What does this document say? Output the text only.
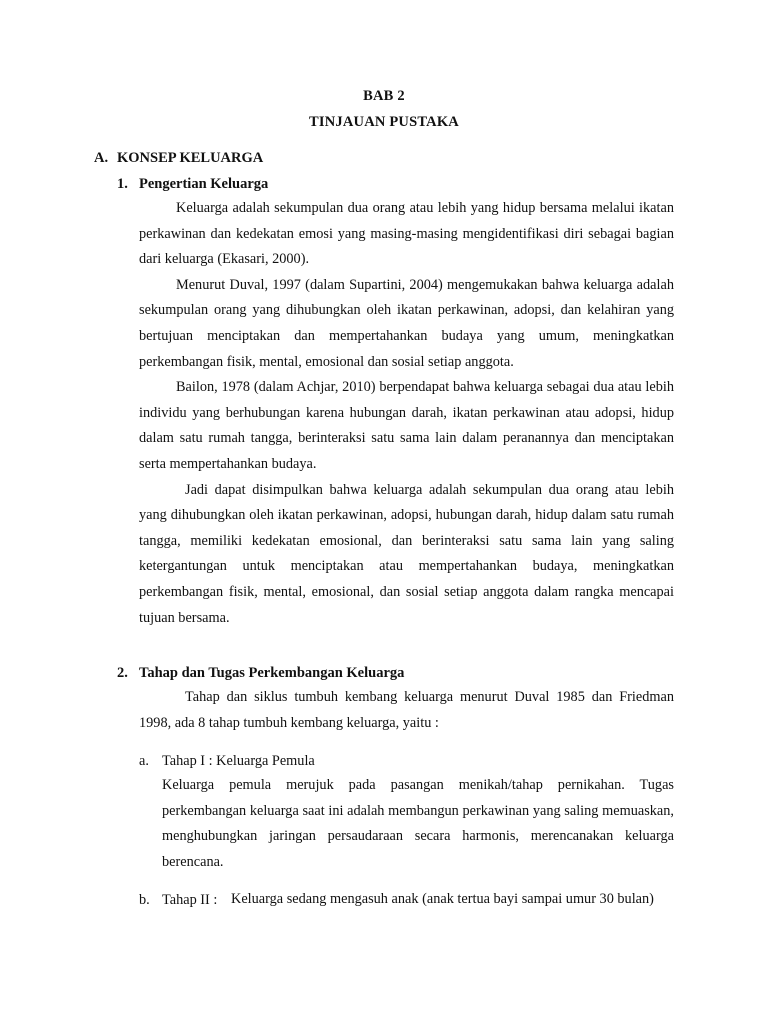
BAB 2
TINJAUAN PUSTAKA
A. KONSEP KELUARGA
1. Pengertian Keluarga

Keluarga adalah sekumpulan dua orang atau lebih yang hidup bersama melalui ikatan perkawinan dan kedekatan emosi yang masing-masing mengidentifikasi diri sebagai bagian dari keluarga (Ekasari, 2000).

Menurut Duval, 1997 (dalam Supartini, 2004) mengemukakan bahwa keluarga adalah sekumpulan orang yang dihubungkan oleh ikatan perkawinan, adopsi, dan kelahiran yang bertujuan menciptakan dan mempertahankan budaya yang umum, meningkatkan perkembangan fisik, mental, emosional dan sosial setiap anggota.

Bailon, 1978 (dalam Achjar, 2010) berpendapat bahwa keluarga sebagai dua atau lebih individu yang berhubungan karena hubungan darah, ikatan perkawinan atau adopsi, hidup dalam satu rumah tangga, berinteraksi satu sama lain dalam peranannya dan menciptakan serta mempertahankan budaya.

Jadi dapat disimpulkan bahwa keluarga adalah sekumpulan dua orang atau lebih yang dihubungkan oleh ikatan perkawinan, adopsi, hubungan darah, hidup dalam satu rumah tangga, memiliki kedekatan emosional, dan berinteraksi satu sama lain yang saling ketergantungan untuk menciptakan atau mempertahankan budaya, meningkatkan perkembangan fisik, mental, emosional, dan sosial setiap anggota dalam rangka mencapai tujuan bersama.

2. Tahap dan Tugas Perkembangan Keluarga

Tahap dan siklus tumbuh kembang keluarga menurut Duval 1985 dan Friedman 1998, ada 8 tahap tumbuh kembang keluarga, yaitu :

a. Tahap I : Keluarga Pemula

Keluarga pemula merujuk pada pasangan menikah/tahap pernikahan. Tugas perkembangan keluarga saat ini adalah membangun perkawinan yang saling memuaskan, menghubungkan jaringan persaudaraan secara harmonis, merencanakan keluarga berencana.

b. Tahap II : Keluarga sedang mengasuh anak (anak tertua bayi sampai umur 30 bulan)
